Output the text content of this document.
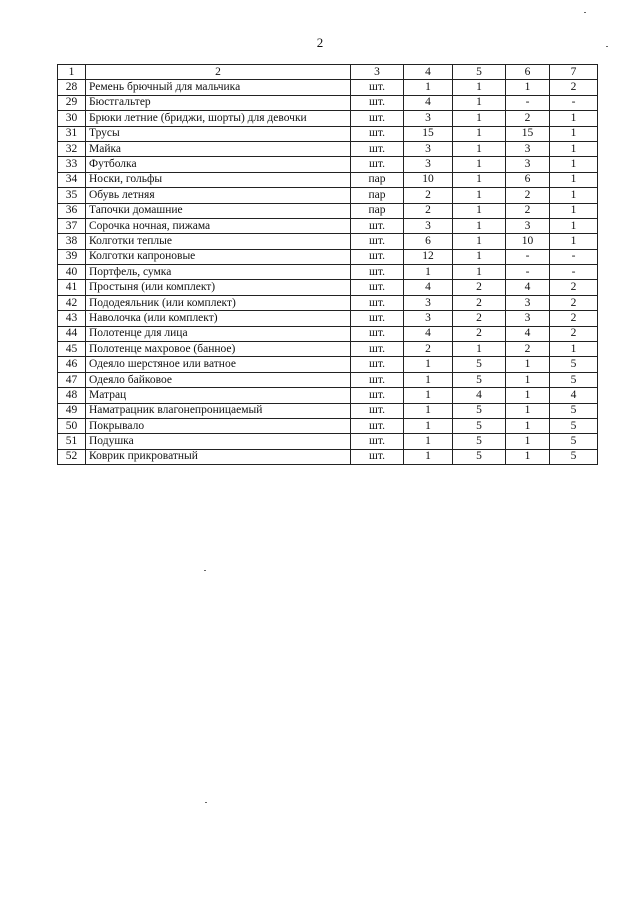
2
1	2	3	4	5	6	7
28	Ремень брючный для мальчика	шт.	1	1	1	2
29	Бюстгальтер	шт.	4	1	-	-
30	Брюки летние (бриджи, шорты) для девочки	шт.	3	1	2	1
31	Трусы	шт.	15	1	15	1
32	Майка	шт.	3	1	3	1
33	Футболка	шт.	3	1	3	1
34	Носки, гольфы	пар	10	1	6	1
35	Обувь летняя	пар	2	1	2	1
36	Тапочки домашние	пар	2	1	2	1
37	Сорочка ночная, пижама	шт.	3	1	3	1
38	Колготки теплые	шт.	6	1	10	1
39	Колготки капроновые	шт.	12	1	-	-
40	Портфель, сумка	шт.	1	1	-	-
41	Простыня (или комплект)	шт.	4	2	4	2
42	Пододеяльник (или комплект)	шт.	3	2	3	2
43	Наволочка (или комплект)	шт.	3	2	3	2
44	Полотенце для лица	шт.	4	2	4	2
45	Полотенце махровое (банное)	шт.	2	1	2	1
46	Одеяло шерстяное или ватное	шт.	1	5	1	5
47	Одеяло байковое	шт.	1	5	1	5
48	Матрац	шт.	1	4	1	4
49	Наматрацник влагонепроницаемый	шт.	1	5	1	5
50	Покрывало	шт.	1	5	1	5
51	Подушка	шт.	1	5	1	5
52	Коврик прикроватный	шт.	1	5	1	5
